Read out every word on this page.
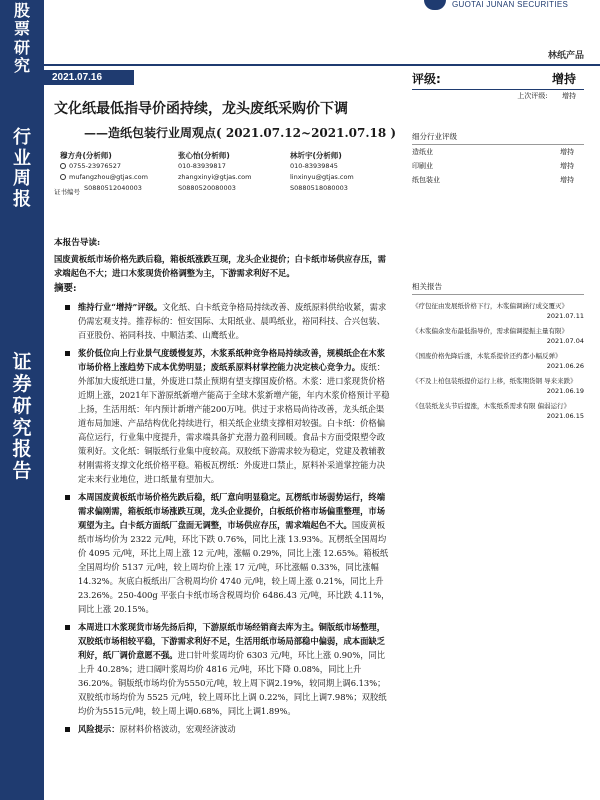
股
票
研
究
行
业
周
报
证
券
研
究
报
告
GUOTAI JUNAN SECURITIES
林纸产品
2021.07.16
文化纸最低指导价函持续，龙头废纸采购价下调
——造纸包装行业周观点( 2021.07.12~2021.07.18 )
穆方舟(分析师)
0755-23976527
mufangzhou@gtjas.com
S0880512040003
张心怡(分析师)
010-83939817
zhangxinyi@gtjas.com
S0880520080003
林圻宇(分析师)
010-83939845
linxinyu@gtjas.com
S0880518080003
证书编号
评级:	增持
上次评级: 增持
细分行业评级
造纸业	增持
印刷业	增持
纸包装业	增持
相关报告
《疗包征由发展纸价格下行，木浆偏调涵行成交覆灭》
2021.07.11
《木浆偏余发布最低指导价，需求偏调提振主量有限》
2021.07.04
《国废价格先降后涨，木浆系提价还约都小幅反弹》
2021.06.26
《不及上柏包装纸提价运行上移，纸浆期货钢 导来来跌》
2021.06.19
《包装纸龙头节后提涨，木浆纸系需求有限 偏弱运行》
2021.06.15
本报告导读:
国废黄板纸市场价格先跌后稳，箱板纸涨跌互现，龙头企业提价；白卡纸市场供应存压，需求端起色不大；进口木浆现货价格调整为主，下游需求利好不足。
摘要:
维持行业“增持”评级。文化纸、白卡纸竞争格局持续改善、废纸原料供给收紧，需求仍需宏观支持。推荐标的：恒安国际、太阳纸业、晨鸣纸业，裕同科技、合兴包装、百亚股份、裕同科技、中顺洁柔、山鹰纸业。
浆价低位向上行业景气度缓慢复苏，木浆系纸种竞争格局持续改善，规模纸企在木浆市场价格上涨趋势下成本优势明显；废纸系原料材掌控能力决定核心竞争力。废纸：外部加大废纸进口量，外废进口禁止预期有望支撑国废价格。木浆：进口浆现货价格近期上涨，2021年下游原纸新增产能高于全球木浆新增产能，年内木浆价格预计平稳上扬，生活用纸：年内预计新增产能200万吨。供过于求格局尚待改善，龙头纸企渠道布局加速、产品结构优化持续进行，相关纸企业绩支撑相对较强。白卡纸：价格偏高位运行，行业集中度提升，需求端具备扩充潜力盈利回暖。食品卡方面受限塑令政策利好。文化纸：铜版纸行业集中度较高。双胶纸下游需求较为稳定，党建及教辅教材刚需将支撑文化纸价格平稳。箱板瓦楞纸：外废进口禁止，原料补采道掌控能力决定未来行业地位，进口纸量有望加大。
本周国废黄板纸市场价格先跌后稳，纸厂意向明显稳定。瓦楞纸市场弱势运行，终端需求偏刚需，箱板纸市场涨跌互现，龙头企业提价，白板纸价格市场偏重整理，市场观望为主。白卡纸方面纸厂盘面无调整，市场供应存压，需求端起色不大。国废黄板纸市场均价为 2322 元/吨，环比下跌 0.76%，同比上涨 13.93%。瓦楞纸全国周均价 4095 元/吨，环比上周上涨 12 元/吨，涨幅 0.29%，同比上涨 12.65%。箱板纸全国周均价 5137 元/吨，较上周均价上涨 17 元/吨，环比涨幅 0.33%，同比涨幅 14.32%。灰底白板纸出厂含税周均价 4740 元/吨，较上周上涨 0.21%，同比上升 23.26%。250-400g 平张白卡纸市场含税周均价 6486.43 元/吨，环比跌 4.11%，同比上涨 20.15%。
本周进口木浆现货市场先扬后抑，下游原纸市场经销商去库为主。铜版纸市场整理，双胶纸市场相较平稳，下游需求利好不足，生活用纸市场局部稳中偏弱，成本面缺乏利好，纸厂调价意愿不强。进口针叶浆周均价 6303 元/吨，环比上涨 0.90%，同比上升 40.28%；进口阔叶浆周均价 4816 元/吨，环比下降 0.08%，同比上升 36.20%。铜版纸市场均价为5550元/吨，较上周下调2.19%，较同期上调6.13%；双胶纸市场均价为 5525 元/吨，较上周环比上调 0.22%，同比上调7.98%；双胶纸均价为5515元/吨，较上周上调0.68%，同比上调1.89%。
风险提示：原材料价格波动，宏观经济波动
